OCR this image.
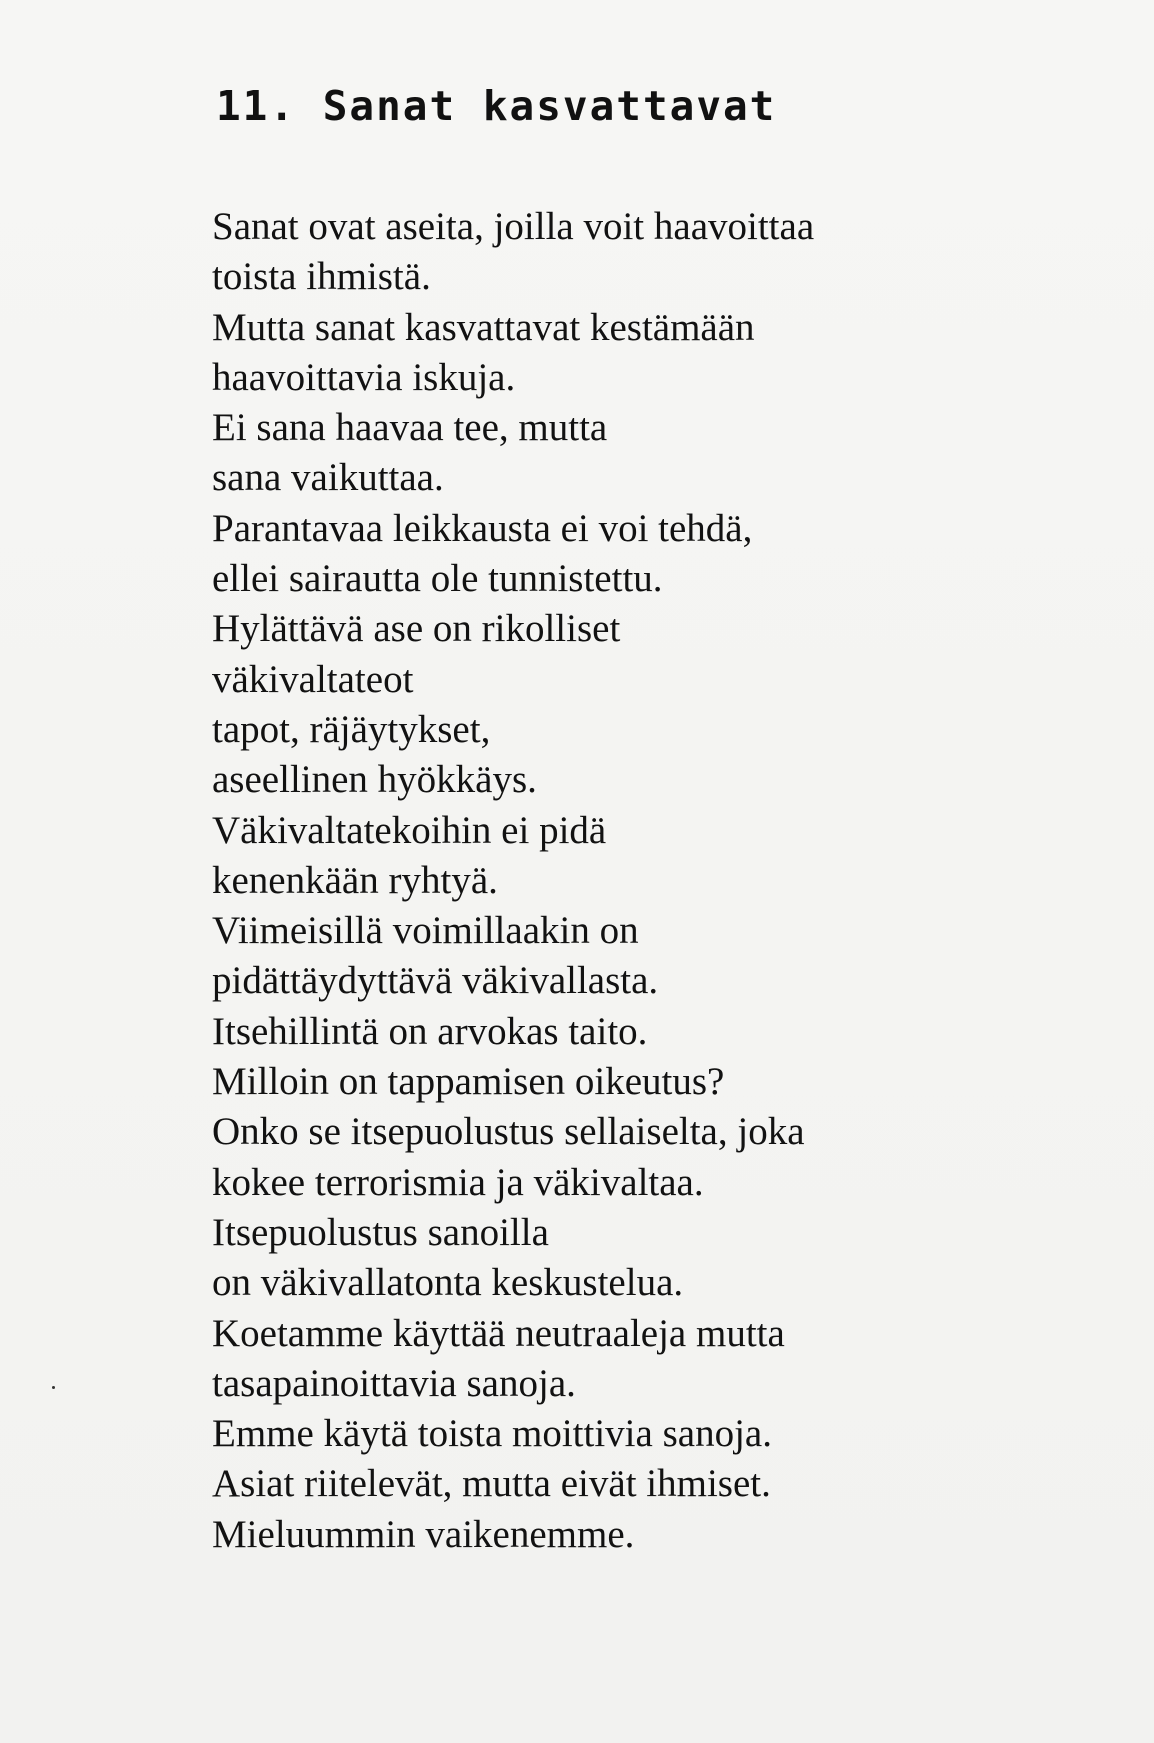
11. Sanat kasvattavat
Sanat ovat aseita, joilla voit haavoittaa
toista ihmistä.
Mutta sanat kasvattavat kestämään
haavoittavia iskuja.
Ei sana haavaa tee, mutta
sana vaikuttaa.
Parantavaa leikkausta ei voi tehdä,
ellei sairautta ole tunnistettu.
Hylättävä ase on rikolliset
väkivaltateot
tapot, räjäytykset,
aseellinen hyökkäys.
Väkivaltatekoihin ei pidä
kenenkään ryhtyä.
Viimeisillä voimillaakin on
pidättäydyttävä väkivallasta.
Itsehillintä on arvokas taito.
Milloin on tappamisen oikeutus?
Onko se itsepuolustus sellaiselta, joka
kokee terrorismia ja väkivaltaa.
Itsepuolustus sanoilla
on väkivallatonta keskustelua.
Koetamme käyttää neutraaleja mutta
tasapainoittavia sanoja.
Emme käytä toista moittivia sanoja.
Asiat riitelevät, mutta eivät ihmiset.
Mieluummin vaikenemme.
